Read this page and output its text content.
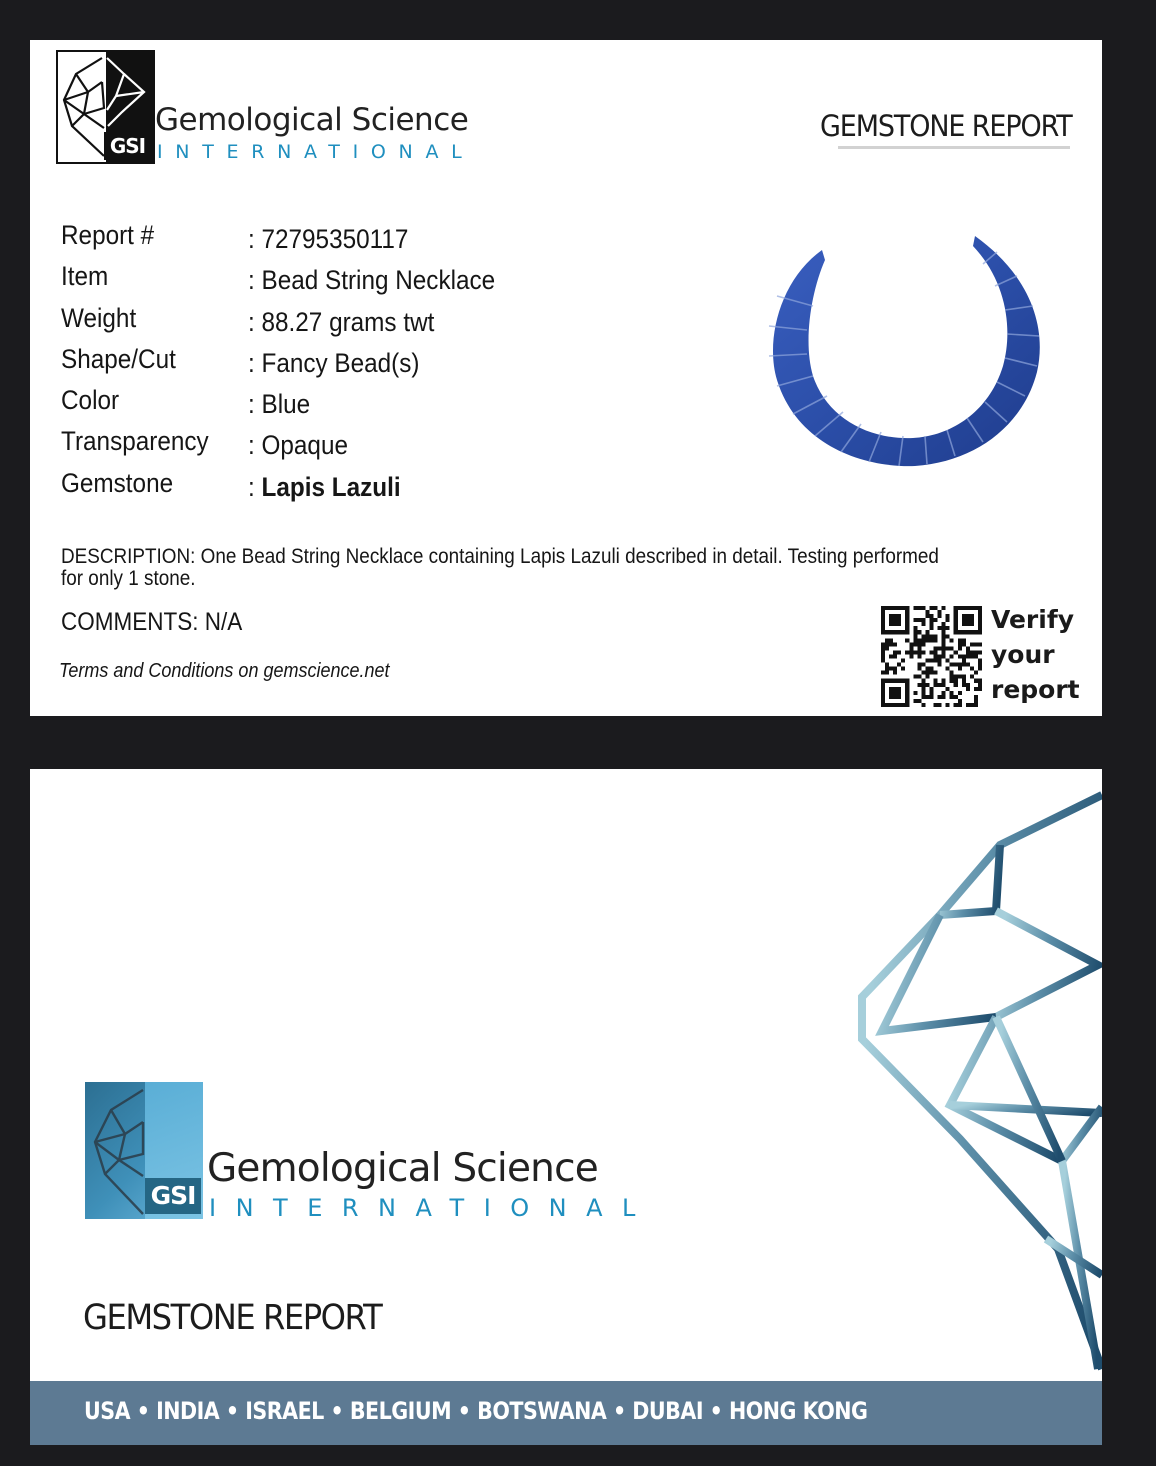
GSI
Gemological Science
INTERNATIONAL
GEMSTONE REPORT
Report #	: 72795350117
Item	: Bead String Necklace
Weight	: 88.27 grams twt
Shape/Cut	: Fancy Bead(s)
Color	: Blue
Transparency : Opaque
Gemstone	: Lapis Lazuli
DESCRIPTION: One Bead String Necklace containing Lapis Lazuli described in detail. Testing performed for only 1 stone.
COMMENTS: N/A
Terms and Conditions on gemscience.net
Verify
your
report
GSI
Gemological Science
INTERNATIONAL
GEMSTONE REPORT
USA • INDIA • ISRAEL • BELGIUM • BOTSWANA • DUBAI • HONG KONG
